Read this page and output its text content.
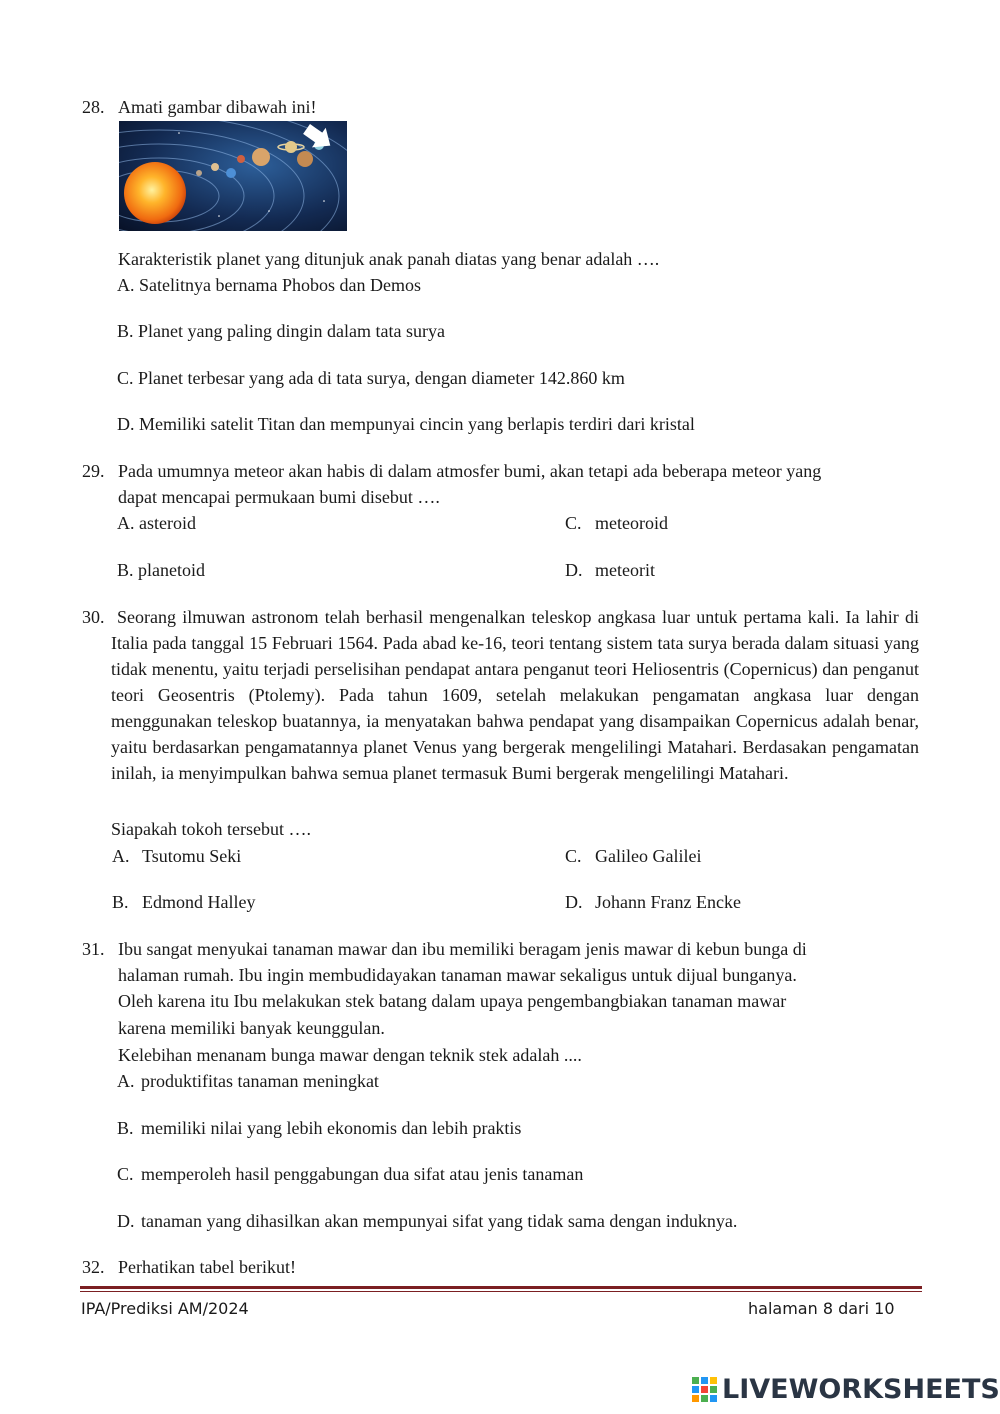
28. Amati gambar dibawah ini!
Karakteristik planet yang ditunjuk anak panah diatas yang benar adalah ….
A. Satelitnya bernama Phobos dan Demos
B. Planet yang paling dingin dalam tata surya
C. Planet terbesar yang ada di tata surya, dengan diameter 142.860 km
D. Memiliki satelit Titan dan mempunyai cincin yang berlapis terdiri dari kristal
29. Pada umumnya meteor akan habis di dalam atmosfer bumi, akan tetapi ada beberapa meteor yang
dapat mencapai permukaan bumi disebut ….
A. asteroid
B. planetoid
C. meteoroid
D. meteorit
30. Seorang ilmuwan astronom telah berhasil mengenalkan teleskop angkasa luar untuk pertama kali. Ia lahir di Italia pada tanggal 15 Februari 1564. Pada abad ke-16, teori tentang sistem tata surya berada dalam situasi yang tidak menentu, yaitu terjadi perselisihan pendapat antara penganut teori Heliosentris (Copernicus) dan penganut teori Geosentris (Ptolemy). Pada tahun 1609, setelah melakukan pengamatan angkasa luar dengan menggunakan teleskop buatannya, ia menyatakan bahwa pendapat yang disampaikan Copernicus adalah benar, yaitu berdasarkan pengamatannya planet Venus yang bergerak mengelilingi Matahari. Berdasakan pengamatan inilah, ia menyimpulkan bahwa semua planet termasuk Bumi bergerak mengelilingi Matahari.
Siapakah tokoh tersebut ….
A. Tsutomu Seki
B. Edmond Halley
C. Galileo Galilei
D. Johann Franz Encke
31. Ibu sangat menyukai tanaman mawar dan ibu memiliki beragam jenis mawar di kebun bunga di
halaman rumah. Ibu ingin membudidayakan tanaman mawar sekaligus untuk dijual bunganya.
Oleh karena itu Ibu melakukan stek batang dalam upaya pengembangbiakan tanaman mawar
karena memiliki banyak keunggulan.
Kelebihan menanam bunga mawar dengan teknik stek adalah ....
A. produktifitas tanaman meningkat
B. memiliki nilai yang lebih ekonomis dan lebih praktis
C. memperoleh hasil penggabungan dua sifat atau jenis tanaman
D. tanaman yang dihasilkan akan mempunyai sifat yang tidak sama dengan induknya.
32. Perhatikan tabel berikut!
IPA/Prediksi AM/2024	halaman 8 dari 10
LIVEWORKSHEETS
